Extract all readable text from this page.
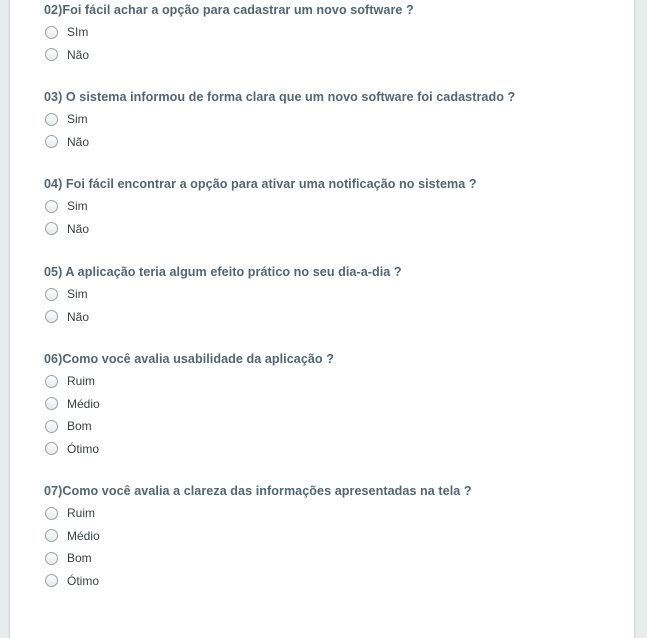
02)Foi fácil achar a opção para cadastrar um novo software ?

SIm
Não

03) O sistema informou de forma clara que um novo software foi cadastrado ?

Sim
Não

04) Foi fácil encontrar a opção para ativar uma notificação no sistema ?

Sim
Não

05) A aplicação teria algum efeito prático no seu dia-a-dia ?

Sim
Não

06)Como você avalia usabilidade da aplicação ?

Ruim
Médio
Bom
Ótimo

07)Como você avalia a clareza das informações apresentadas na tela ?

Ruim
Médio
Bom
Ótimo
